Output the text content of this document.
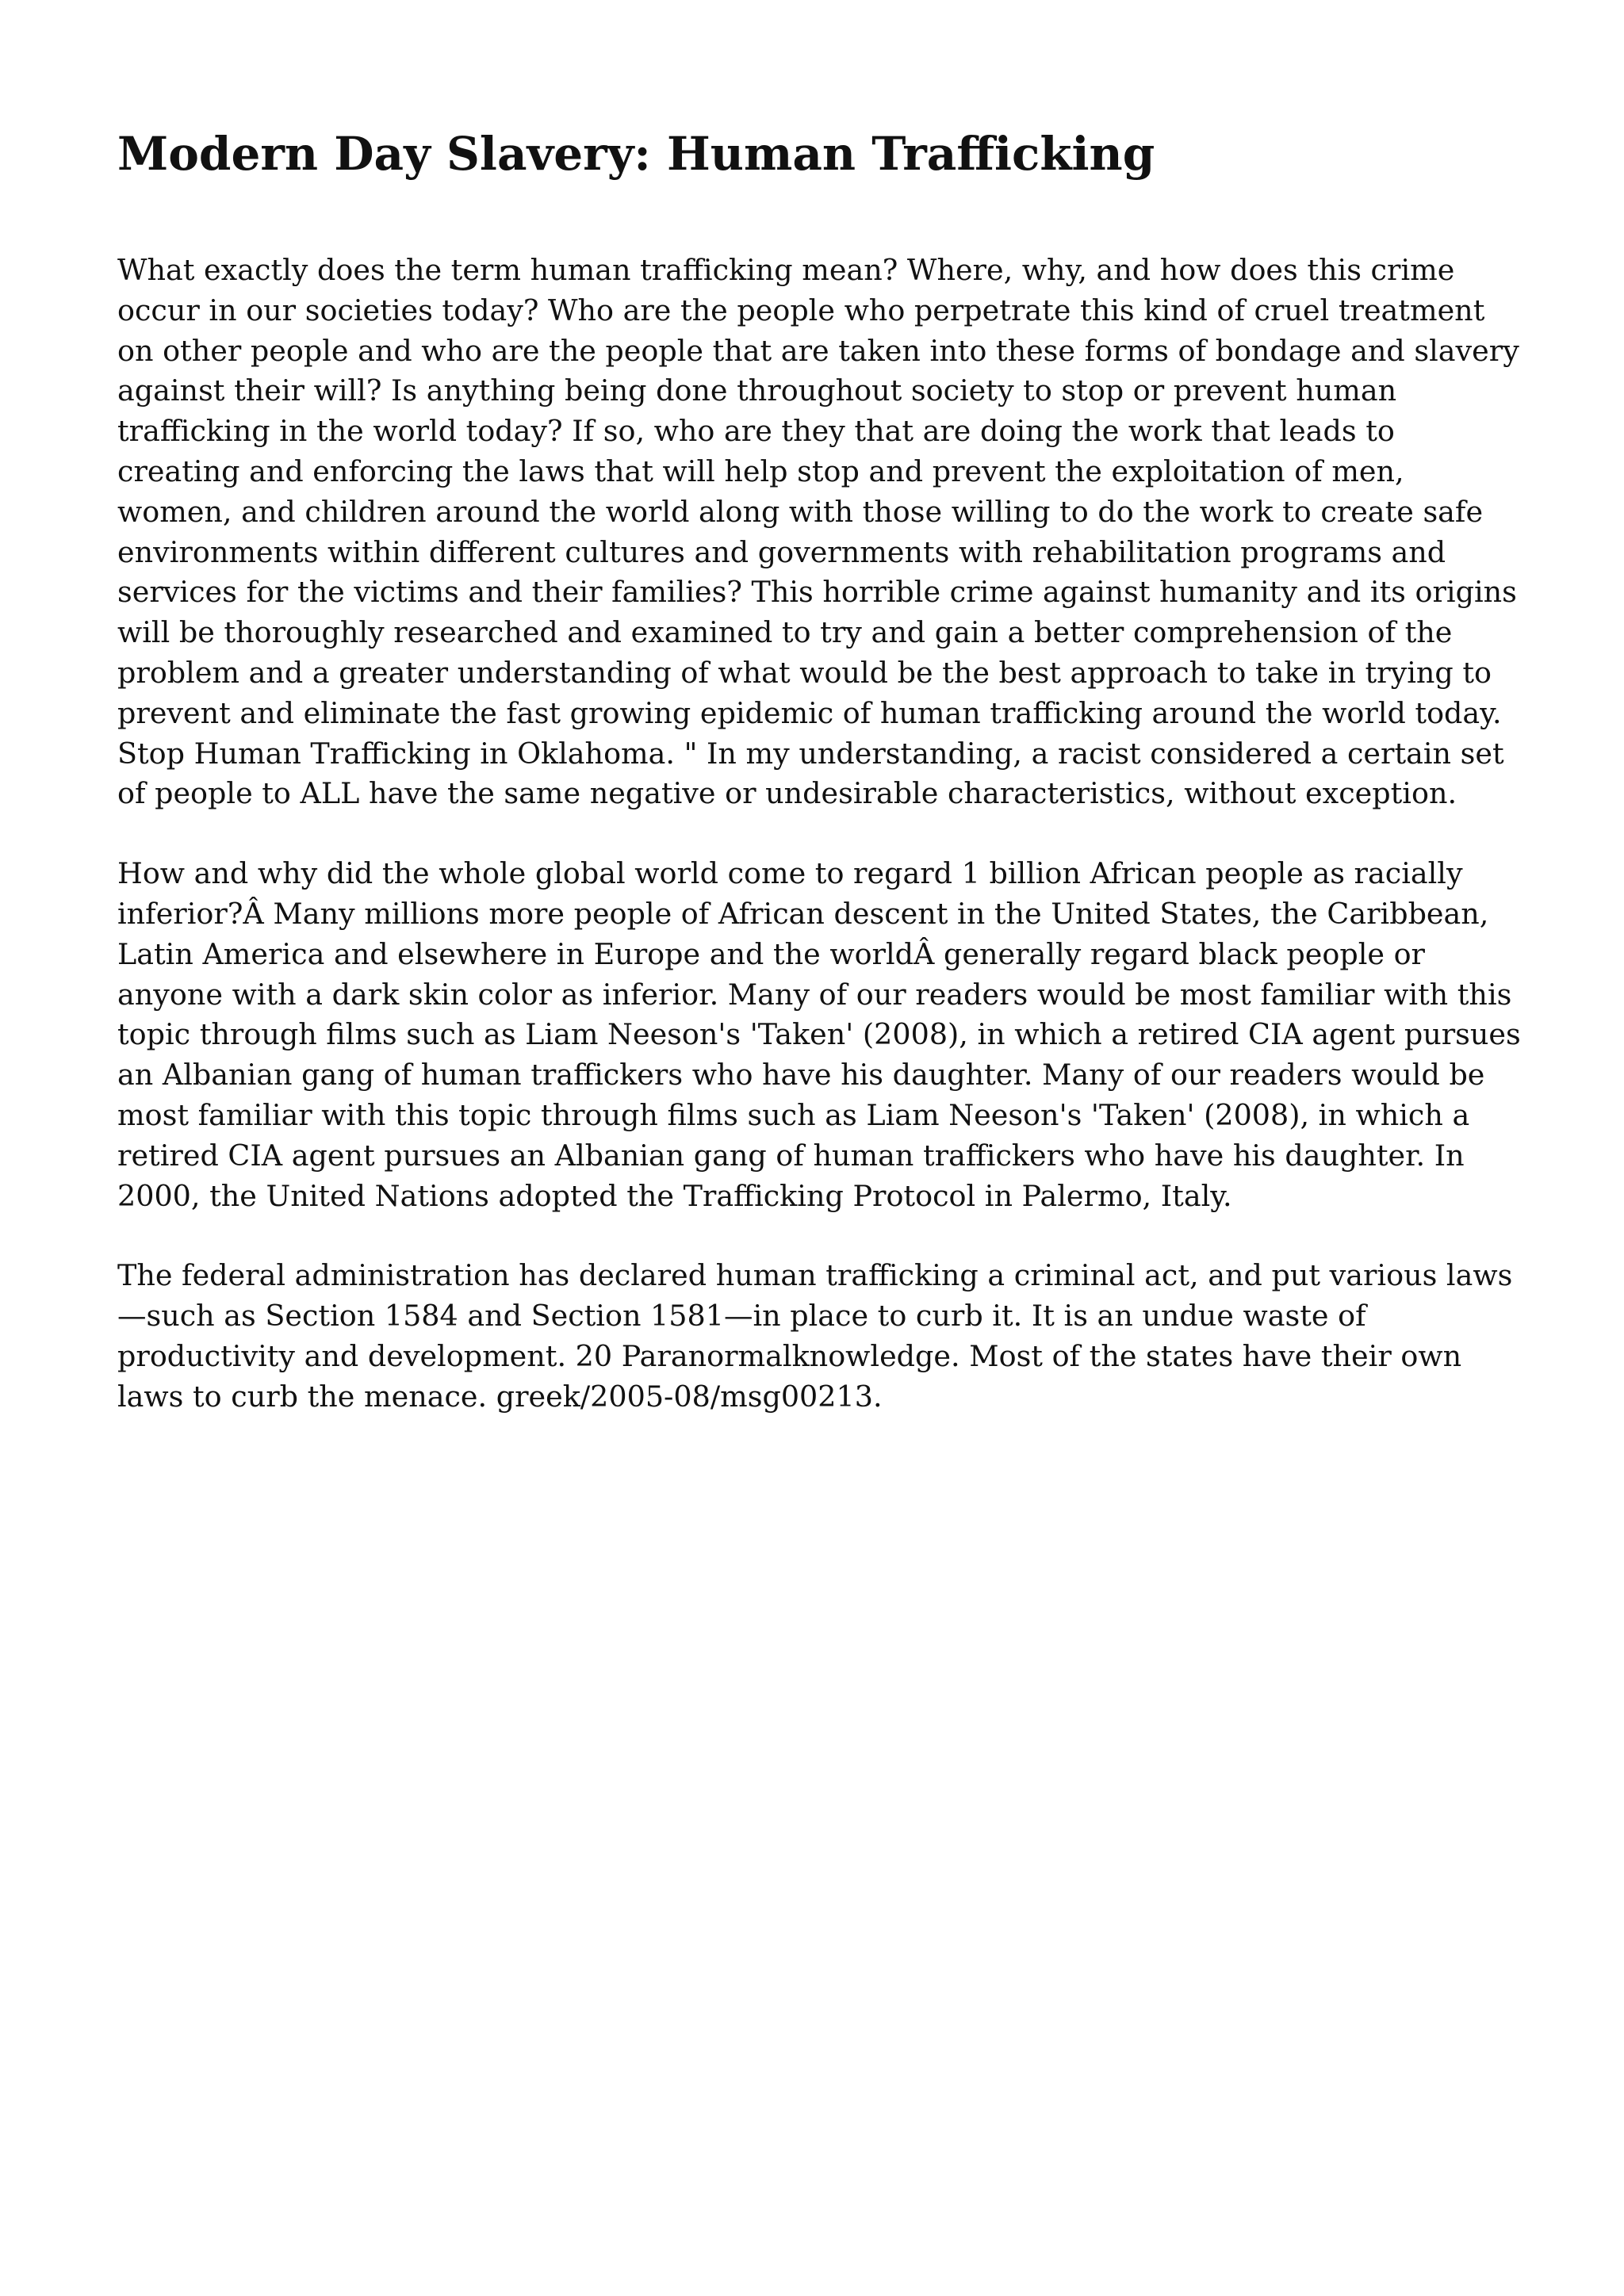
Modern Day Slavery: Human Trafficking

What exactly does the term human trafficking mean? Where, why, and how does this crime occur in our societies today? Who are the people who perpetrate this kind of cruel treatment on other people and who are the people that are taken into these forms of bondage and slavery against their will? Is anything being done throughout society to stop or prevent human trafficking in the world today? If so, who are they that are doing the work that leads to creating and enforcing the laws that will help stop and prevent the exploitation of men, women, and children around the world along with those willing to do the work to create safe environments within different cultures and governments with rehabilitation programs and services for the victims and their families? This horrible crime against humanity and its origins will be thoroughly researched and examined to try and gain a better comprehension of the problem and a greater understanding of what would be the best approach to take in trying to prevent and eliminate the fast growing epidemic of human trafficking around the world today. Stop Human Trafficking in Oklahoma. " In my understanding, a racist considered a certain set of people to ALL have the same negative or undesirable characteristics, without exception.

How and why did the whole global world come to regard 1 billion African people as racially inferior?Â Many millions more people of African descent in the United States, the Caribbean, Latin America and elsewhere in Europe and the worldÂ generally regard black people or anyone with a dark skin color as inferior. Many of our readers would be most familiar with this topic through films such as Liam Neeson's 'Taken' (2008), in which a retired CIA agent pursues an Albanian gang of human traffickers who have his daughter. Many of our readers would be most familiar with this topic through films such as Liam Neeson's 'Taken' (2008), in which a retired CIA agent pursues an Albanian gang of human traffickers who have his daughter. In 2000, the United Nations adopted the Trafficking Protocol in Palermo, Italy.

The federal administration has declared human trafficking a criminal act, and put various laws—such as Section 1584 and Section 1581—in place to curb it. It is an undue waste of productivity and development. 20 Paranormalknowledge. Most of the states have their own laws to curb the menace. greek/2005-08/msg00213.
